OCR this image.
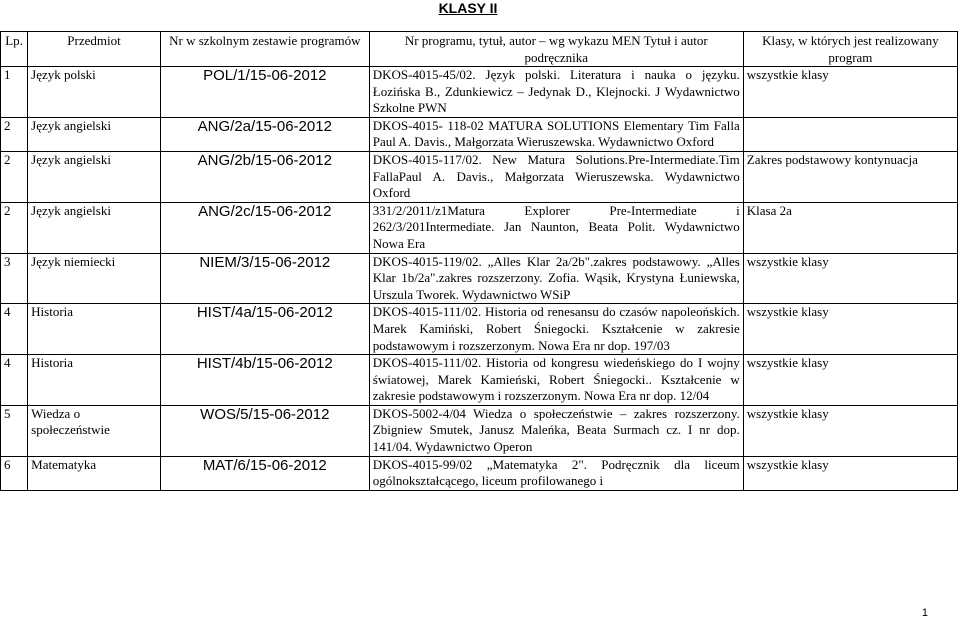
KLASY II
Lp.	Przedmiot	Nr w szkolnym zestawie programów	Nr programu, tytuł, autor – wg wykazu MEN Tytuł i autor podręcznika	Klasy, w których jest realizowany program
1	Język polski	POL/1/15-06-2012	DKOS-4015-45/02. Język polski. Literatura i nauka o języku. Łozińska B., Zdunkiewicz – Jedynak D., Klejnocki. J Wydawnictwo Szkolne PWN	wszystkie klasy
2	Język angielski	ANG/2a/15-06-2012	DKOS-4015- 118-02 MATURA SOLUTIONS Elementary Tim Falla Paul A. Davis., Małgorzata Wieruszewska. Wydawnictwo Oxford	
2	Język angielski	ANG/2b/15-06-2012	DKOS-4015-117/02. New Matura Solutions.Pre-Intermediate.Tim FallaPaul A. Davis., Małgorzata Wieruszewska. Wydawnictwo Oxford	Zakres podstawowy kontynuacja
2	Język angielski	ANG/2c/15-06-2012	331/2/2011/z1Matura Explorer Pre-Intermediate i 262/3/201Intermediate. Jan Naunton, Beata Polit. Wydawnictwo Nowa Era	Klasa 2a
3	Język niemiecki	NIEM/3/15-06-2012	DKOS-4015-119/02. „Alles Klar 2a/2b".zakres podstawowy. „Alles Klar 1b/2a".zakres rozszerzony. Zofia. Wąsik, Krystyna Łuniewska, Urszula Tworek. Wydawnictwo WSiP	wszystkie klasy
4	Historia	HIST/4a/15-06-2012	DKOS-4015-111/02. Historia od renesansu do czasów napoleońskich. Marek Kamiński, Robert Śniegocki. Kształcenie w zakresie podstawowym i rozszerzonym. Nowa Era nr dop. 197/03	wszystkie klasy
4	Historia	HIST/4b/15-06-2012	DKOS-4015-111/02. Historia od kongresu wiedeńskiego do I wojny światowej, Marek Kamieński, Robert Śniegocki.. Kształcenie w zakresie podstawowym i rozszerzonym. Nowa Era nr dop. 12/04	wszystkie klasy
5	Wiedza o społeczeństwie	WOS/5/15-06-2012	DKOS-5002-4/04 Wiedza o społeczeństwie – zakres rozszerzony. Zbigniew Smutek, Janusz Maleńka, Beata Surmach cz. I nr dop. 141/04. Wydawnictwo Operon	wszystkie klasy
6	Matematyka	MAT/6/15-06-2012	DKOS-4015-99/02 „Matematyka 2". Podręcznik dla liceum ogólnokształcącego, liceum profilowanego i	wszystkie klasy
1
